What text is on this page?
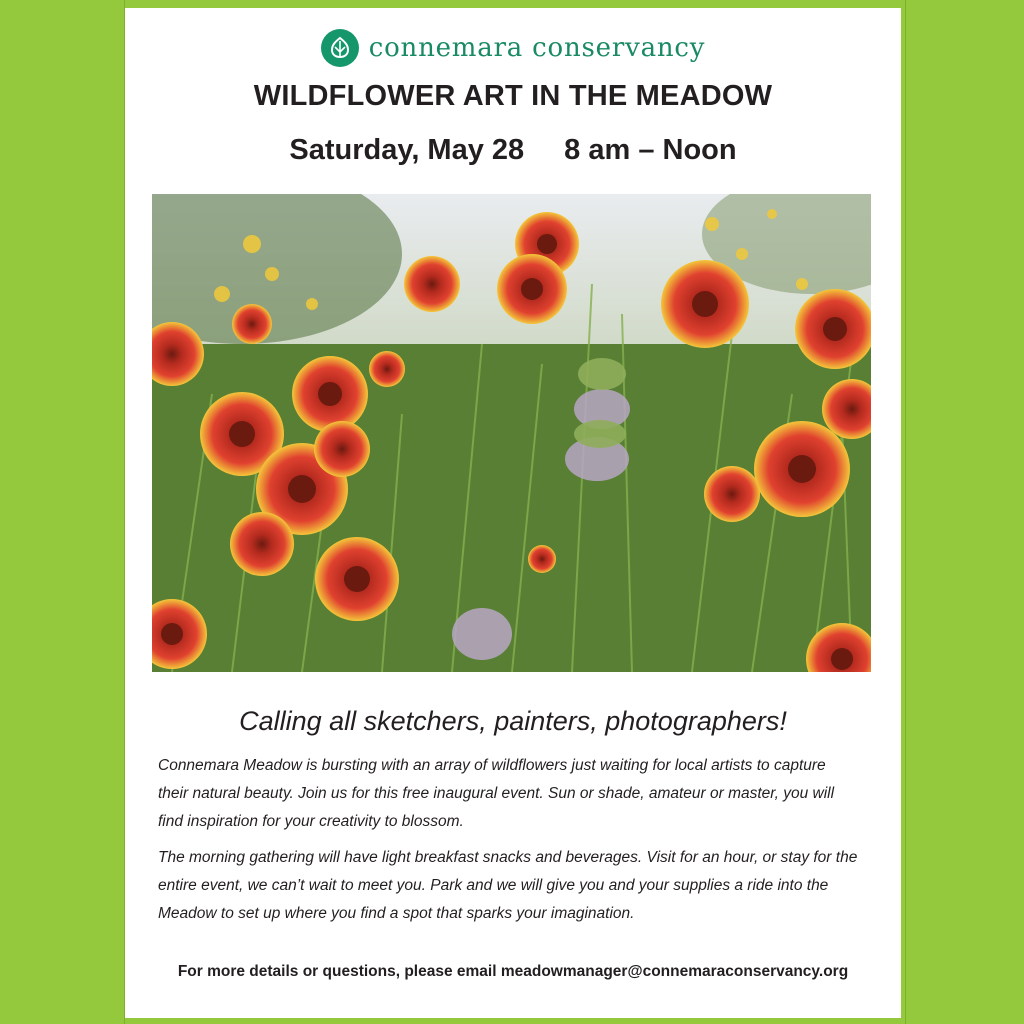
connemara conservancy
WILDFLOWER ART IN THE MEADOW
Saturday, May 28 8 am – Noon
Calling all sketchers, painters, photographers!

Connemara Meadow is bursting with an array of wildflowers just waiting for local artists to capture their natural beauty. Join us for this free inaugural event. Sun or shade, amateur or master, you will find inspiration for your creativity to blossom.

The morning gathering will have light breakfast snacks and beverages. Visit for an hour, or stay for the entire event, we can’t wait to meet you. Park and we will give you and your supplies a ride into the Meadow to set up where you find a spot that sparks your imagination.

For more details or questions, please email meadowmanager@connemaraconservancy.org
